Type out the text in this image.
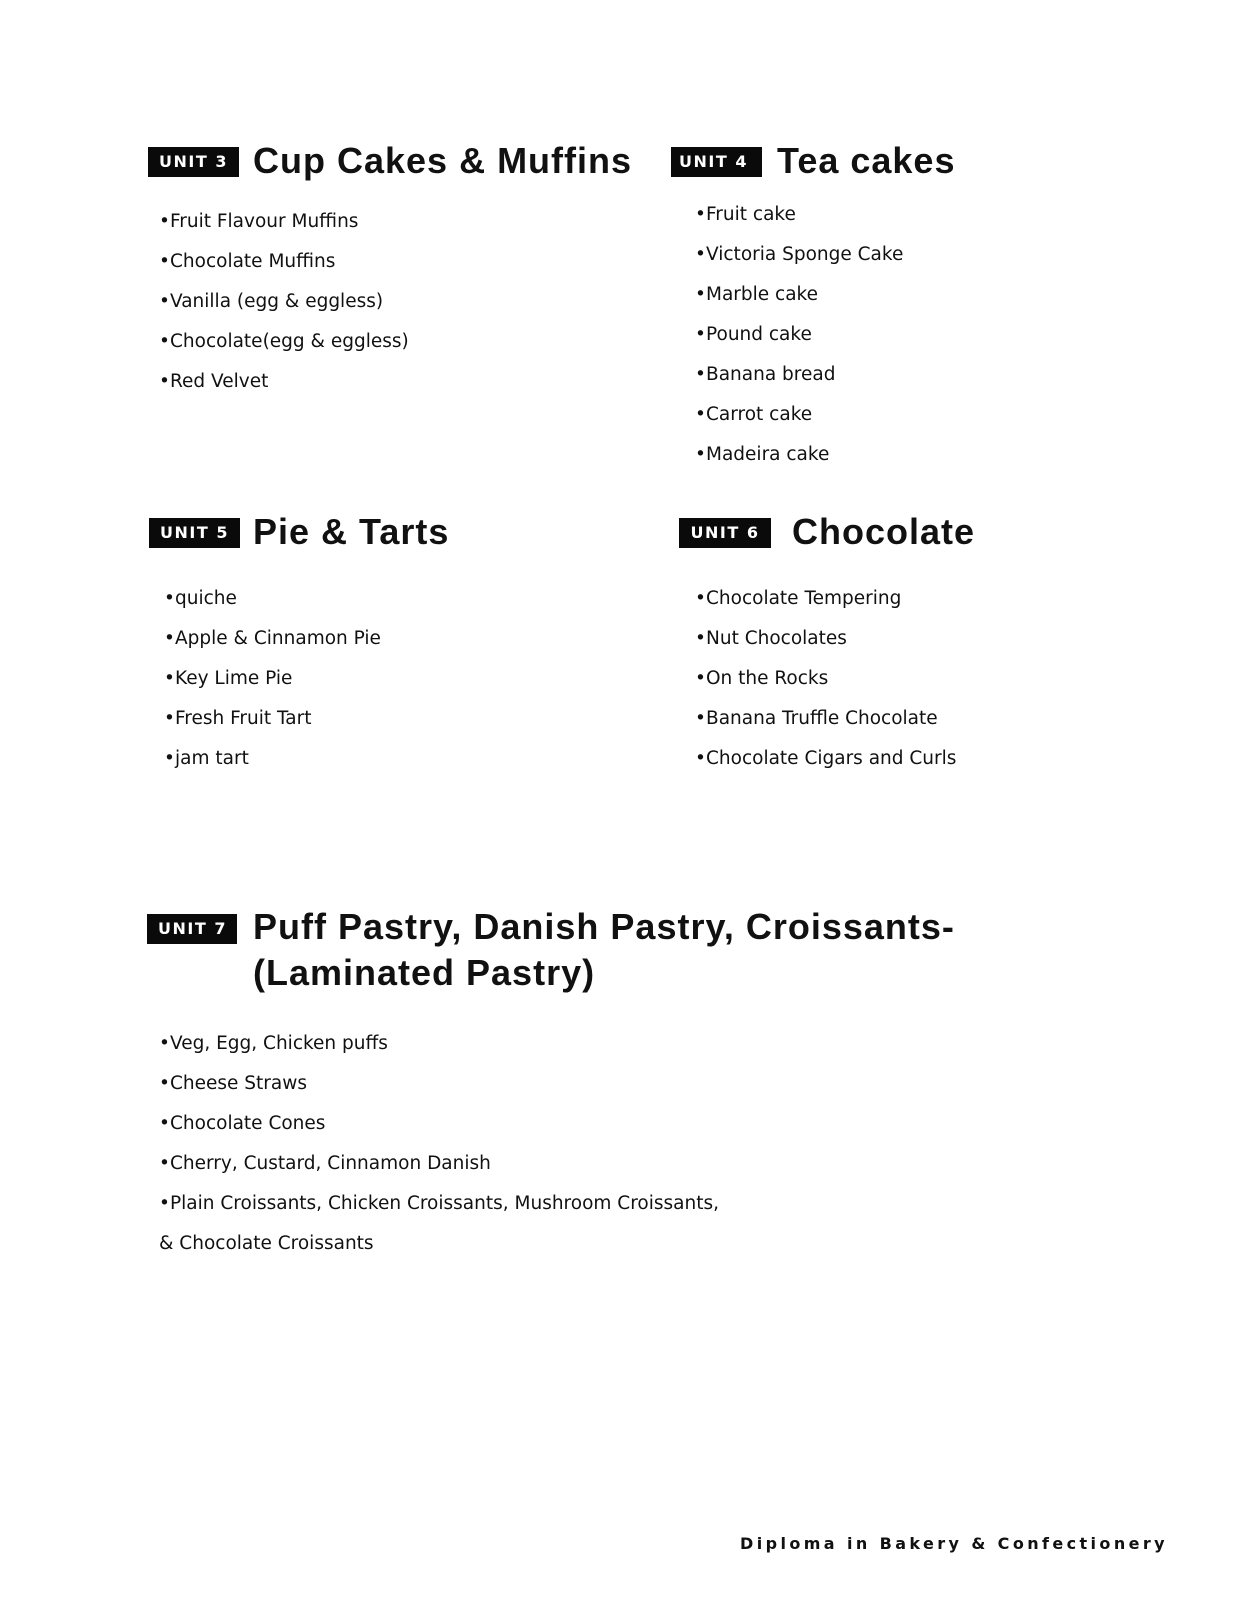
UNIT 3 Cup Cakes & Muffins
•Fruit Flavour Muffins
•Chocolate Muffins
•Vanilla (egg & eggless)
•Chocolate(egg & eggless)
•Red Velvet
UNIT 4 Tea cakes
•Fruit cake
•Victoria Sponge Cake
•Marble cake
•Pound cake
•Banana bread
•Carrot cake
•Madeira cake
UNIT 5 Pie & Tarts
•quiche
•Apple & Cinnamon Pie
•Key Lime Pie
•Fresh Fruit Tart
•jam tart
UNIT 6 Chocolate
•Chocolate Tempering
•Nut Chocolates
•On the Rocks
•Banana Truffle Chocolate
•Chocolate Cigars and Curls
UNIT 7 Puff Pastry, Danish Pastry, Croissants-
(Laminated Pastry)
•Veg, Egg, Chicken puffs
•Cheese Straws
•Chocolate Cones
•Cherry, Custard, Cinnamon Danish
•Plain Croissants, Chicken Croissants, Mushroom Croissants,
& Chocolate Croissants
Diploma in Bakery & Confectionery
